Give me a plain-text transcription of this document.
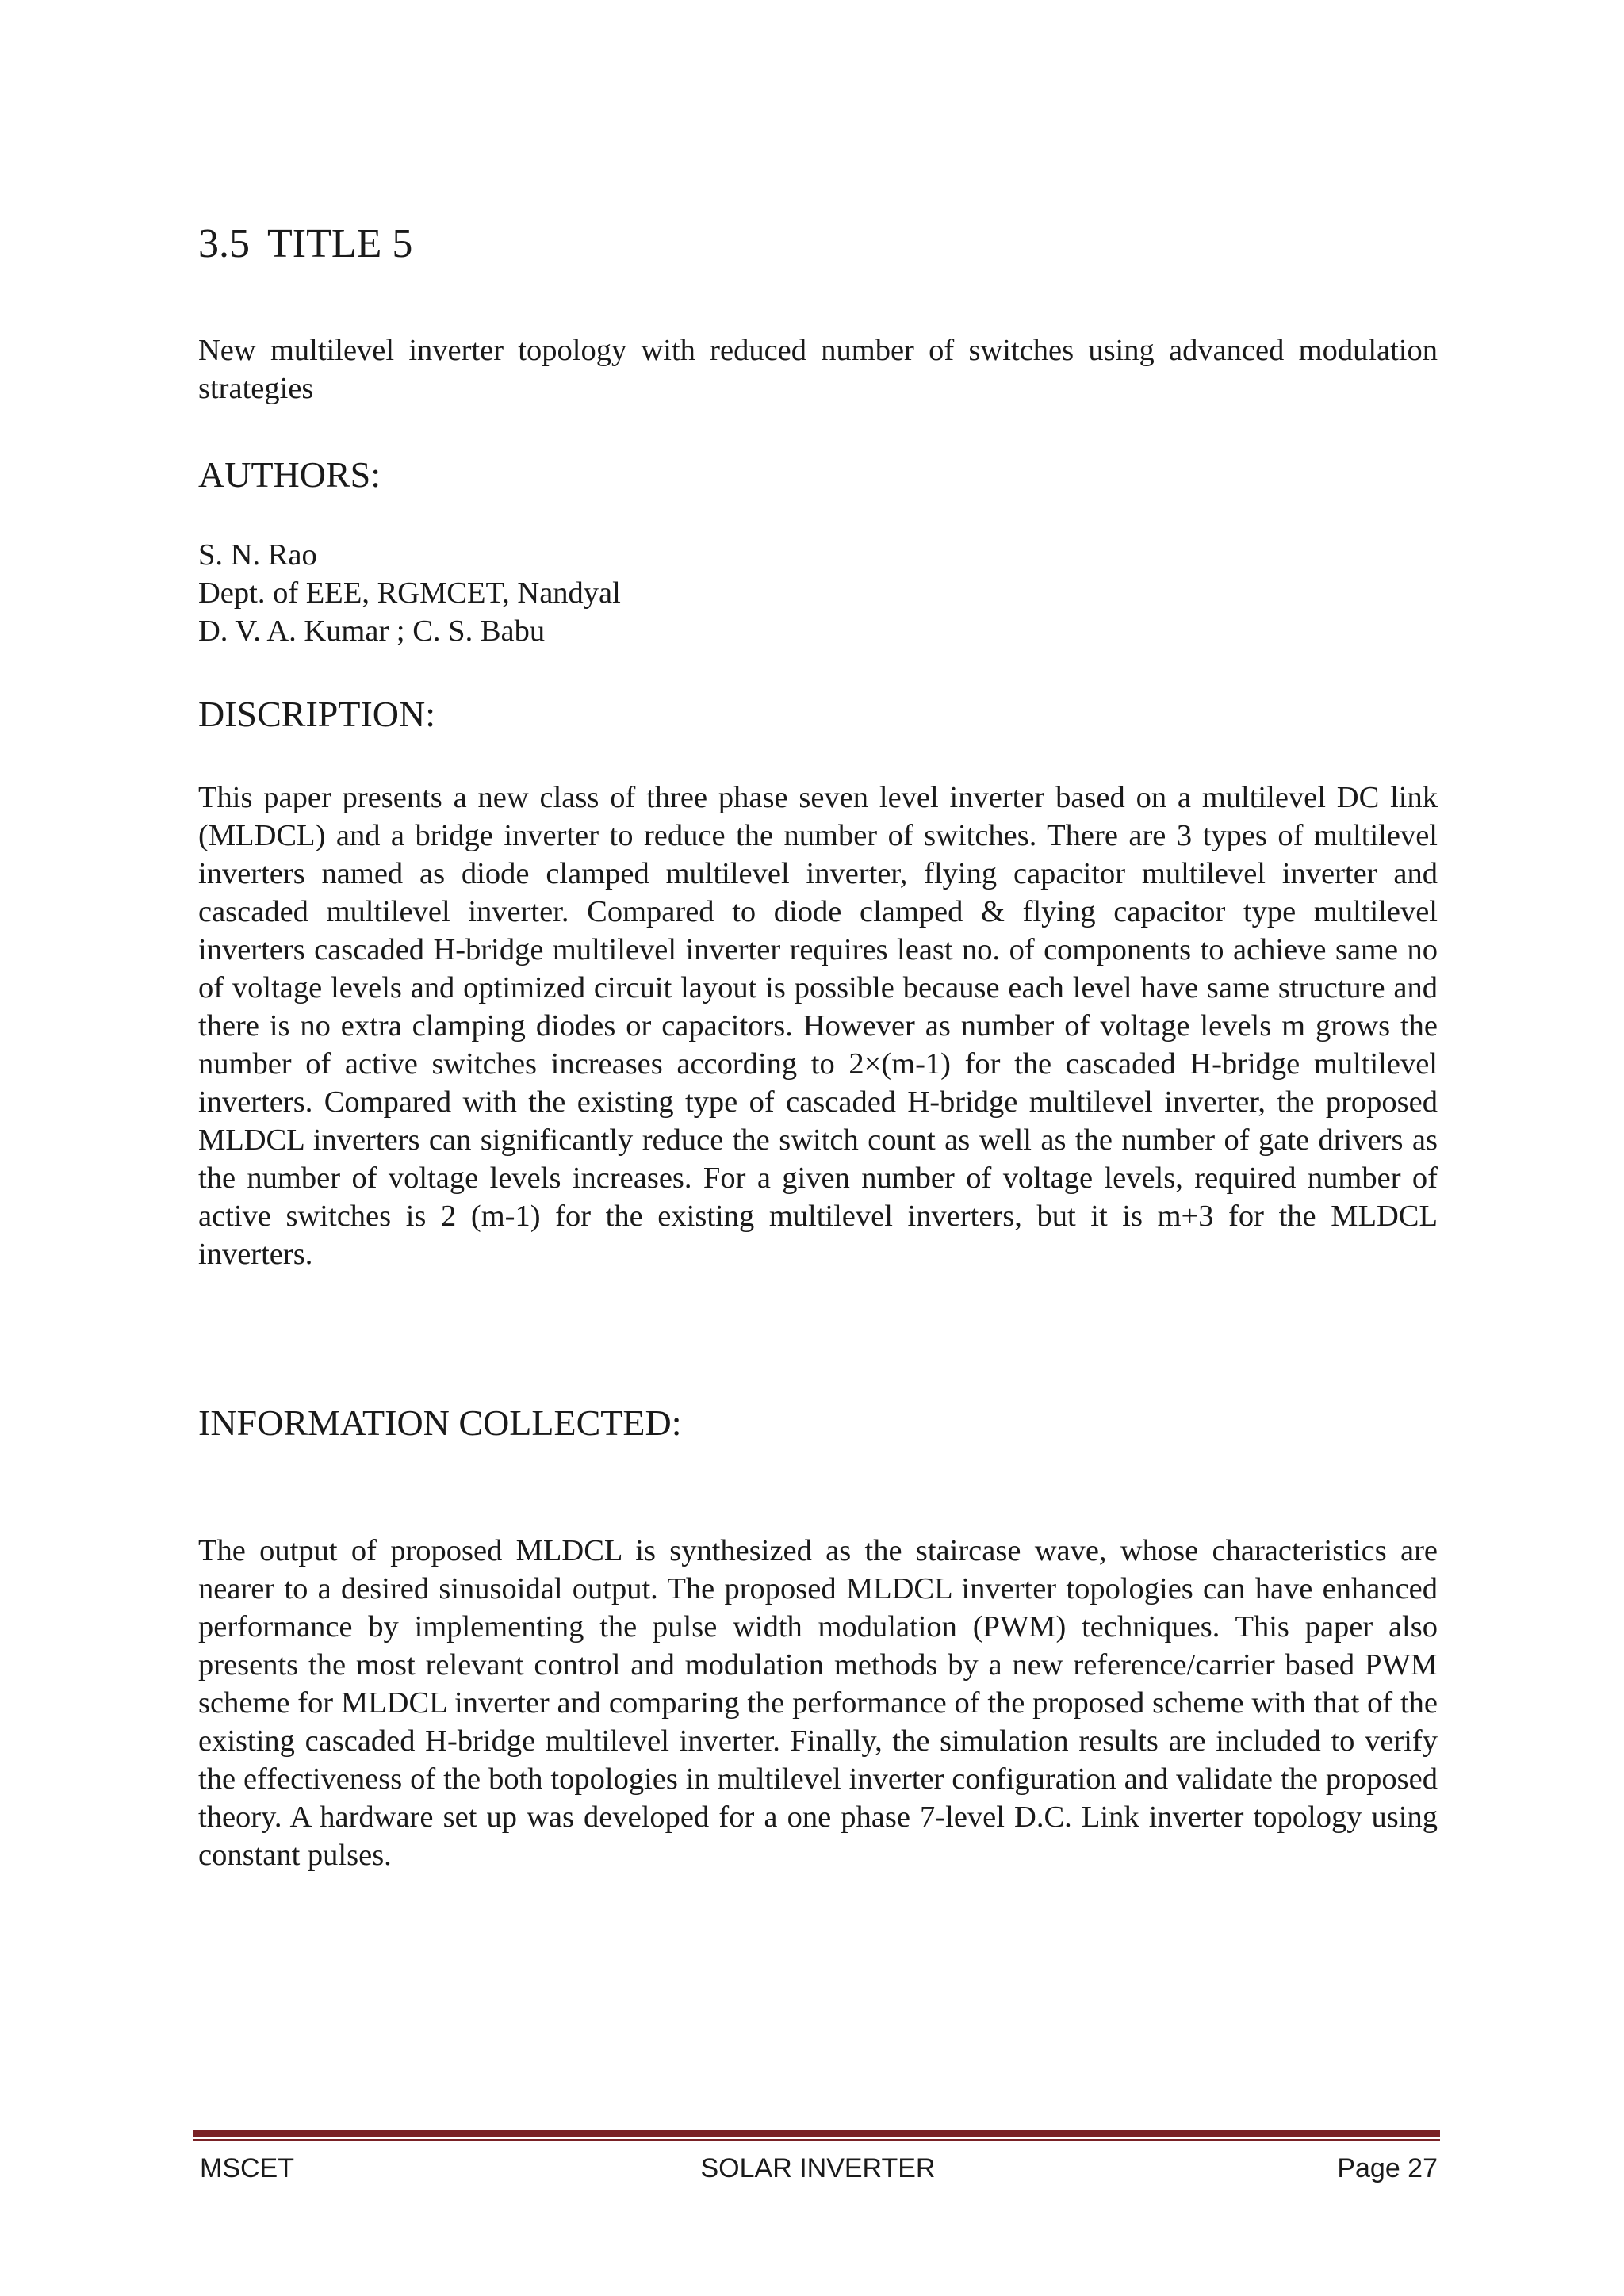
3.5 TITLE 5

New multilevel inverter topology with reduced number of switches using advanced modulation strategies

AUTHORS:
S. N. Rao
Dept. of EEE, RGMCET, Nandyal
D. V. A. Kumar ; C. S. Babu
DISCRIPTION:

This paper presents a new class of three phase seven level inverter based on a multilevel DC link (MLDCL) and a bridge inverter to reduce the number of switches. There are 3 types of multilevel inverters named as diode clamped multilevel inverter, flying capacitor multilevel inverter and cascaded multilevel inverter. Compared to diode clamped & flying capacitor type multilevel inverters cascaded H-bridge multilevel inverter requires least no. of components to achieve same no of voltage levels and optimized circuit layout is possible because each level have same structure and there is no extra clamping diodes or capacitors. However as number of voltage levels m grows the number of active switches increases according to 2×(m-1) for the cascaded H-bridge multilevel inverters. Compared with the existing type of cascaded H-bridge multilevel inverter, the proposed MLDCL inverters can significantly reduce the switch count as well as the number of gate drivers as the number of voltage levels increases. For a given number of voltage levels, required number of active switches is 2 (m-1) for the existing multilevel inverters, but it is m+3 for the MLDCL inverters.

INFORMATION COLLECTED:

The output of proposed MLDCL is synthesized as the staircase wave, whose characteristics are nearer to a desired sinusoidal output. The proposed MLDCL inverter topologies can have enhanced performance by implementing the pulse width modulation (PWM) techniques. This paper also presents the most relevant control and modulation methods by a new reference/carrier based PWM scheme for MLDCL inverter and comparing the performance of the proposed scheme with that of the existing cascaded H-bridge multilevel inverter. Finally, the simulation results are included to verify the effectiveness of the both topologies in multilevel inverter configuration and validate the proposed theory. A hardware set up was developed for a one phase 7-level D.C. Link inverter topology using constant pulses.

MSCET	SOLAR INVERTER	Page 27
